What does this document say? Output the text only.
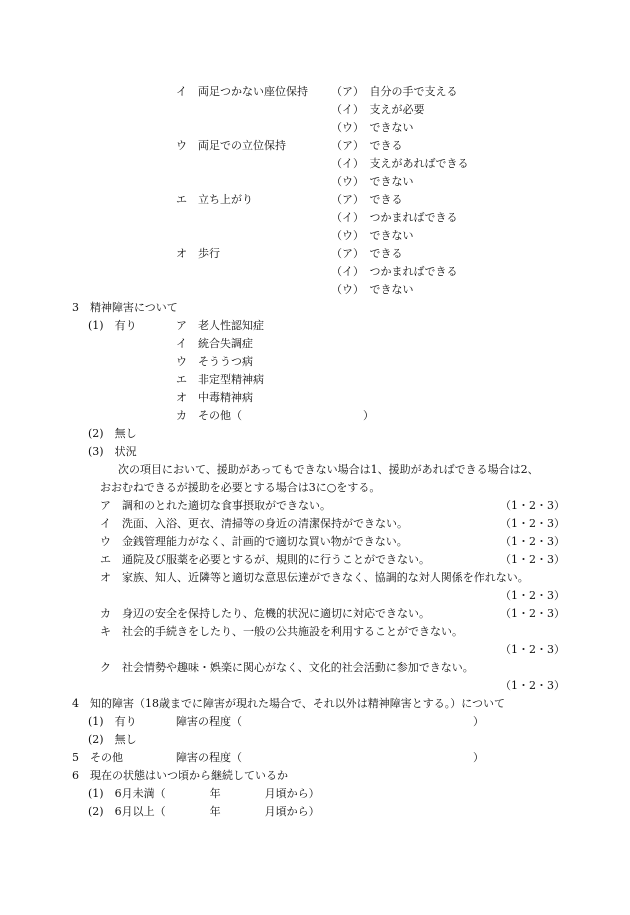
イ　両足つかない座位保持 （ア）　自分の手で支える
（イ）　支えが必要
（ウ）　できない
ウ　両足での立位保持	（ア）　できる
（イ）　支えがあればできる
（ウ）　できない
エ　立ち上がり	（ア）　できる
（イ）　つかまればできる
（ウ）　できない
オ　歩行	（ア）　できる
（イ）　つかまればできる
（ウ）　できない
3　精神障害について
(1)　有り	ア　老人性認知症
イ　統合失調症
ウ　そううつ病
エ　非定型精神病
オ　中毒精神病
カ　その他（　　　　　　　　　　　）
(2)　無し
(3)　状況
次の項目において、援助があってもできない場合は1、援助があればできる場合は2、
おおむねできるが援助を必要とする場合は3に○をする。
ア　調和のとれた適切な食事摂取ができない。	（1・2・3）
イ　洗面、入浴、更衣、清掃等の身近の清潔保持ができない。	（1・2・3）
ウ　金銭管理能力がなく、計画的で適切な買い物ができない。	（1・2・3）
エ　通院及び服薬を必要とするが、規則的に行うことができない。	（1・2・3）
オ　家族、知人、近隣等と適切な意思伝達ができなく、協調的な対人関係を作れない。
（1・2・3）
カ　身辺の安全を保持したり、危機的状況に適切に対応できない。	（1・2・3）
キ　社会的手続きをしたり、一般の公共施設を利用することができない。
（1・2・3）
ク　社会情勢や趣味・娯楽に関心がなく、文化的社会活動に参加できない。
（1・2・3）
4　知的障害（18歳までに障害が現れた場合で、それ以外は精神障害とする。）について
(1)　有り	障害の程度（　　　　　　　　　　　　　　　　　　　　　）
(2)　無し
5　その他	障害の程度（　　　　　　　　　　　　　　　　　　　　　）
6　現在の状態はいつ頃から継続しているか
(1)　6月未満（　　　　年　　　　月頃から）
(2)　6月以上（　　　　年　　　　月頃から）
